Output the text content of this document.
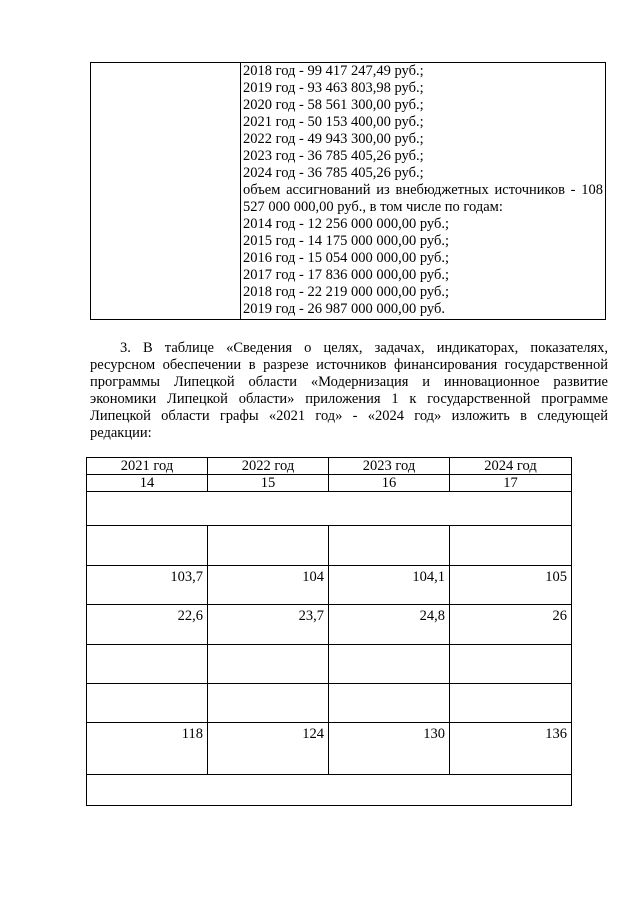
2018 год - 99 417 247,49 руб.;
2019 год - 93 463 803,98 руб.;
2020 год - 58 561 300,00 руб.;
2021 год - 50 153 400,00 руб.;
2022 год - 49 943 300,00 руб.;
2023 год - 36 785 405,26 руб.;
2024 год - 36 785 405,26 руб.;
объем ассигнований из внебюджетных источников - 108
527 000 000,00 руб., в том числе по годам:
2014 год - 12 256 000 000,00 руб.;
2015 год - 14 175 000 000,00 руб.;
2016 год - 15 054 000 000,00 руб.;
2017 год - 17 836 000 000,00 руб.;
2018 год - 22 219 000 000,00 руб.;
2019 год - 26 987 000 000,00 руб.
3. В таблице «Сведения о целях, задачах, индикаторах, показателях,
ресурсном обеспечении в разрезе источников финансирования государственной
программы Липецкой области «Модернизация и инновационное развитие
экономики Липецкой области» приложения 1 к государственной программе
Липецкой области графы «2021 год» - «2024 год» изложить в следующей
редакции:
2021 год	2022 год	2023 год	2024 год
14	15	16	17

103,7	104	104,1	105
22,6	23,7	24,8	26

118	124	130	136
